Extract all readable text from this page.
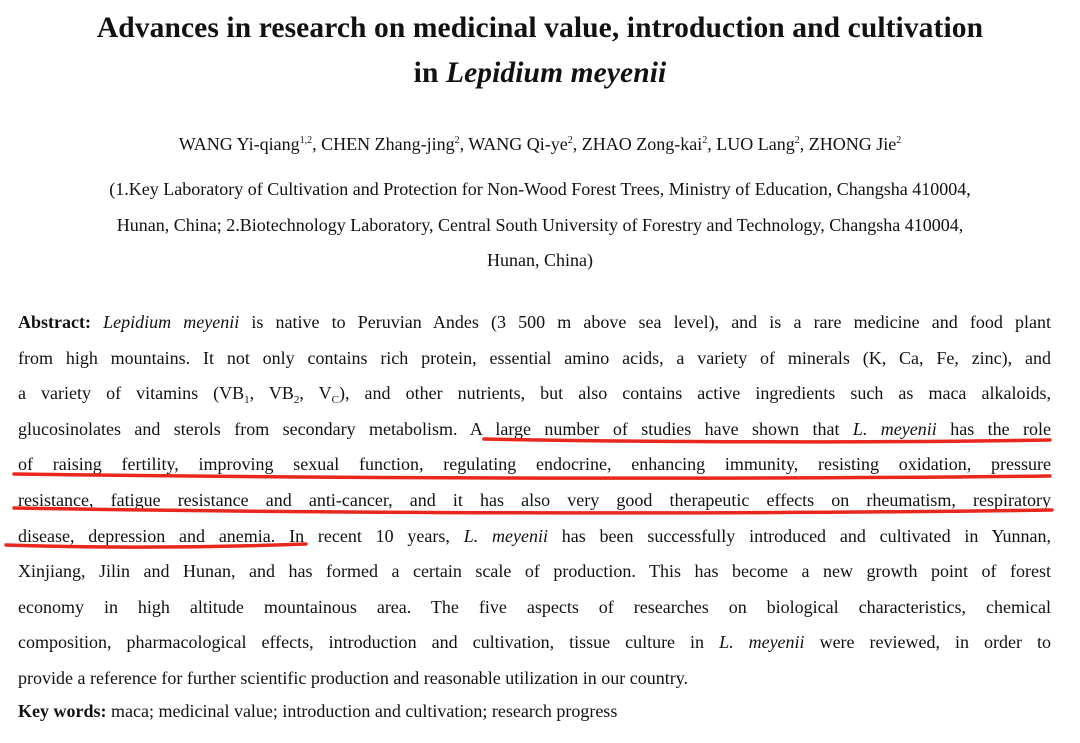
Advances in research on medicinal value, introduction and cultivation
in Lepidium meyenii
WANG Yi-qiang$^{1,2}$, CHEN Zhang-jing$^2$, WANG $Qi-ye^2$, ZHAO Zong-kai$^2$, LUO Lang$^2$, ZHONG Jie$^2$
(1.Key Laboratory of Cultivation and Protection for Non-Wood Forest Trees, Ministry of Education, Changsha 410004,
Hunan, China; 2.Biotechnology Laboratory, Central South University of Forestry and Technology, Changsha 410004,
Hunan, China)
Abstract: Lepidium meyenii is native to Peruvian Andes (3 500 m above sea level), and is a rare medicine and food plant
from high mountains. It not only contains rich protein, essential amino acids, a variety of minerals (K, Ca, Fe, zinc), and
a variety of vitamins ($VB_1$, $VB_2$, $V_C$), and other nutrients, but also contains active ingredients such as maca alkaloids,
glucosinolates and sterols from secondary metabolism. A large number of studies have shown that L. meyenii has the role
of raising fertility, improving sexual function, regulating endocrine, enhancing immunity, resisting oxidation, pressure
resistance, fatigue resistance and anti-cancer, and it has also very good therapeutic effects on rheumatism, respiratory
disease, depression and anemia. In recent 10 years, L. meyenii has been successfully introduced and cultivated in Yunnan,
Xinjiang, Jilin and Hunan, and has formed a certain scale of production. This has become a new growth point of forest
economy in high altitude mountainous area. The five aspects of researches on biological characteristics, chemical
composition, pharmacological effects, introduction and cultivation, tissue culture in L. meyenii were reviewed, in order to
provide a reference for further scientific production and reasonable utilization in our country.
Key words: maca; medicinal value; introduction and cultivation; research progress
